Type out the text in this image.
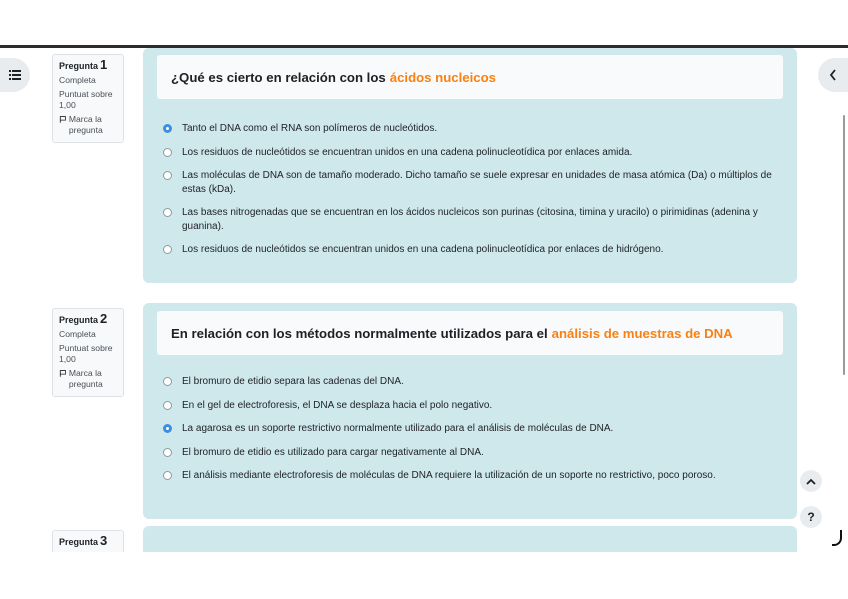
Pregunta 1
Completa
Puntuat sobre
1,00
Marca la pregunta
¿Qué es cierto en relación con los ácidos nucleicos
Tanto el DNA como el RNA son polímeros de nucleótidos.
Los residuos de nucleótidos se encuentran unidos en una cadena polinucleotídica por enlaces amida.
Las moléculas de DNA son de tamaño moderado. Dicho tamaño se suele expresar en unidades de masa atómica (Da) o múltiplos de estas (kDa).
Las bases nitrogenadas que se encuentran en los ácidos nucleicos son purinas (citosina, timina y uracilo) o pirimidinas (adenina y guanina).
Los residuos de nucleótidos se encuentran unidos en una cadena polinucleotídica por enlaces de hidrógeno.
Pregunta 2
Completa
Puntuat sobre
1,00
Marca la pregunta
En relación con los métodos normalmente utilizados para el análisis de muestras de DNA
El bromuro de etidio separa las cadenas del DNA.
En el gel de electroforesis, el DNA se desplaza hacia el polo negativo.
La agarosa es un soporte restrictivo normalmente utilizado para el análisis de moléculas de DNA.
El bromuro de etidio es utilizado para cargar negativamente al DNA.
El análisis mediante electroforesis de moléculas de DNA requiere la utilización de un soporte no restrictivo, poco poroso.
Pregunta 3
?
